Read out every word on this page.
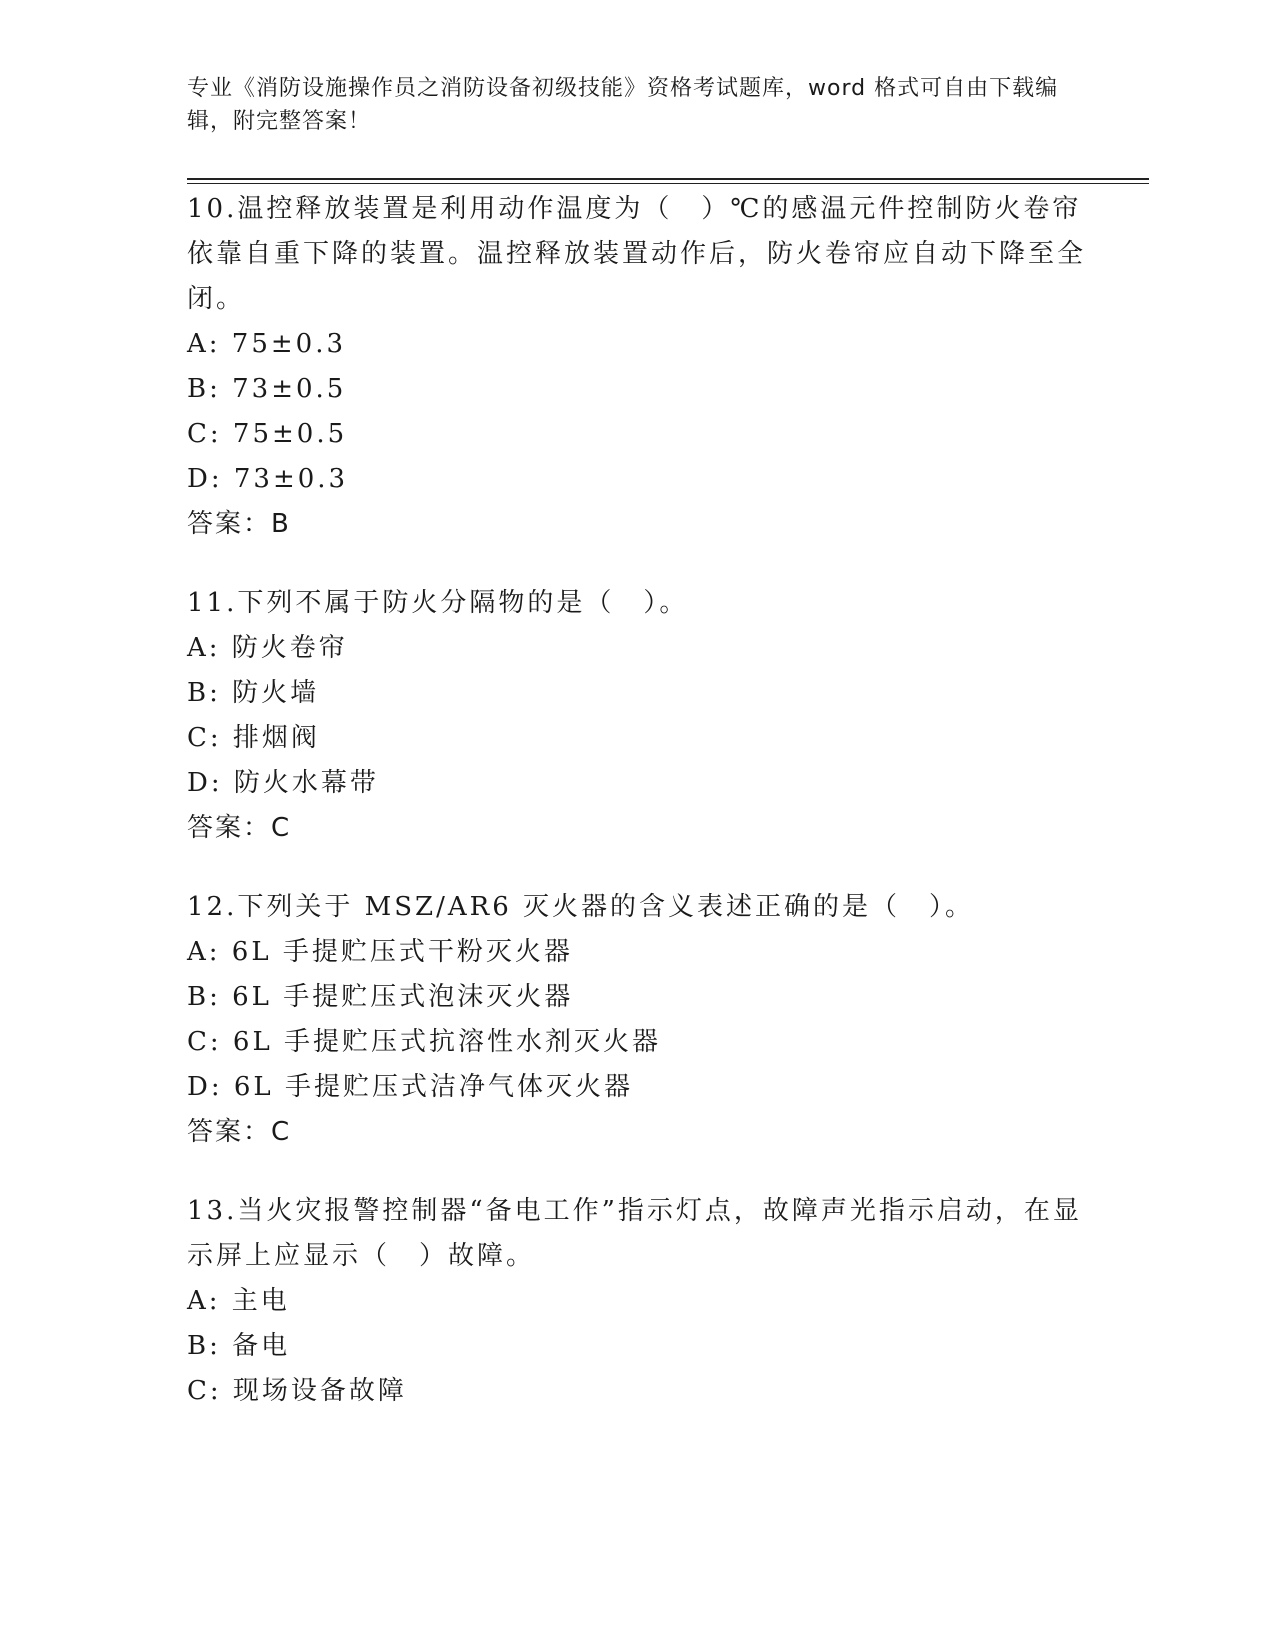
专业《消防设施操作员之消防设备初级技能》资格考试题库，word 格式可自由下载编辑，附完整答案！

10.温控释放装置是利用动作温度为（　）℃的感温元件控制防火卷帘依靠自重下降的装置。温控释放装置动作后，防火卷帘应自动下降至全闭。

A: 75±0.3

B: 73±0.5

C: 75±0.5

D: 73±0.3

答案：B

11.下列不属于防火分隔物的是（　）。

A: 防火卷帘

B: 防火墙

C: 排烟阀

D: 防火水幕带

答案：C

12.下列关于 MSZ/AR6 灭火器的含义表述正确的是（　）。

A: 6L 手提贮压式干粉灭火器

B: 6L 手提贮压式泡沫灭火器

C: 6L 手提贮压式抗溶性水剂灭火器

D: 6L 手提贮压式洁净气体灭火器

答案：C

13.当火灾报警控制器“备电工作”指示灯点，故障声光指示启动，在显示屏上应显示（　）故障。

A: 主电

B: 备电

C: 现场设备故障
